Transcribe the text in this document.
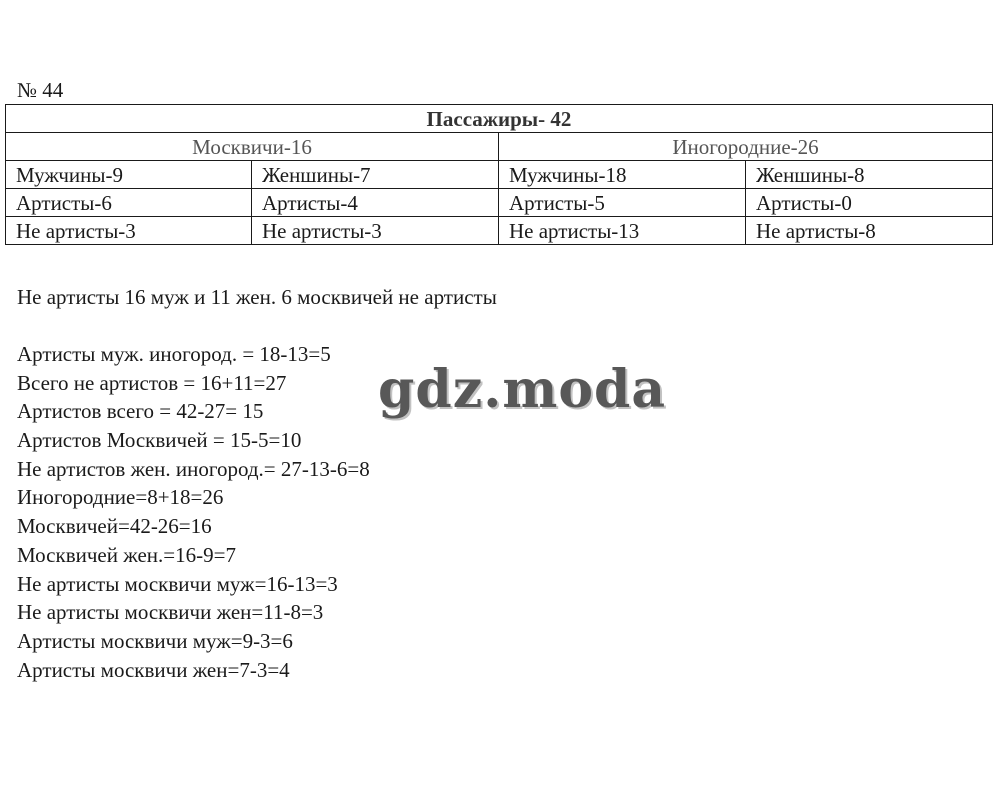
№ 44
Пассажиры- 42			
Москвичи-16		Иногородние-26	
Мужчины-9	Женшины-7	Мужчины-18	Женшины-8
Артисты-6	Артисты-4	Артисты-5	Артисты-0
Не артисты-3	Не артисты-3	Не артисты-13	Не артисты-8
Не артисты 16 муж и 11 жен. 6 москвичей не артисты
Артисты муж. иногород. = 18-13=5
Всего не артистов = 16+11=27
Артистов всего = 42-27= 15
Артистов Москвичей = 15-5=10
Не артистов жен. иногород.= 27-13-6=8
Иногородние=8+18=26
Москвичей=42-26=16
Москвичей жен.=16-9=7
Не артисты москвичи муж=16-13=3
Не артисты москвичи жен=11-8=3
Артисты москвичи муж=9-3=6
Артисты москвичи жен=7-3=4
gdz.moda
